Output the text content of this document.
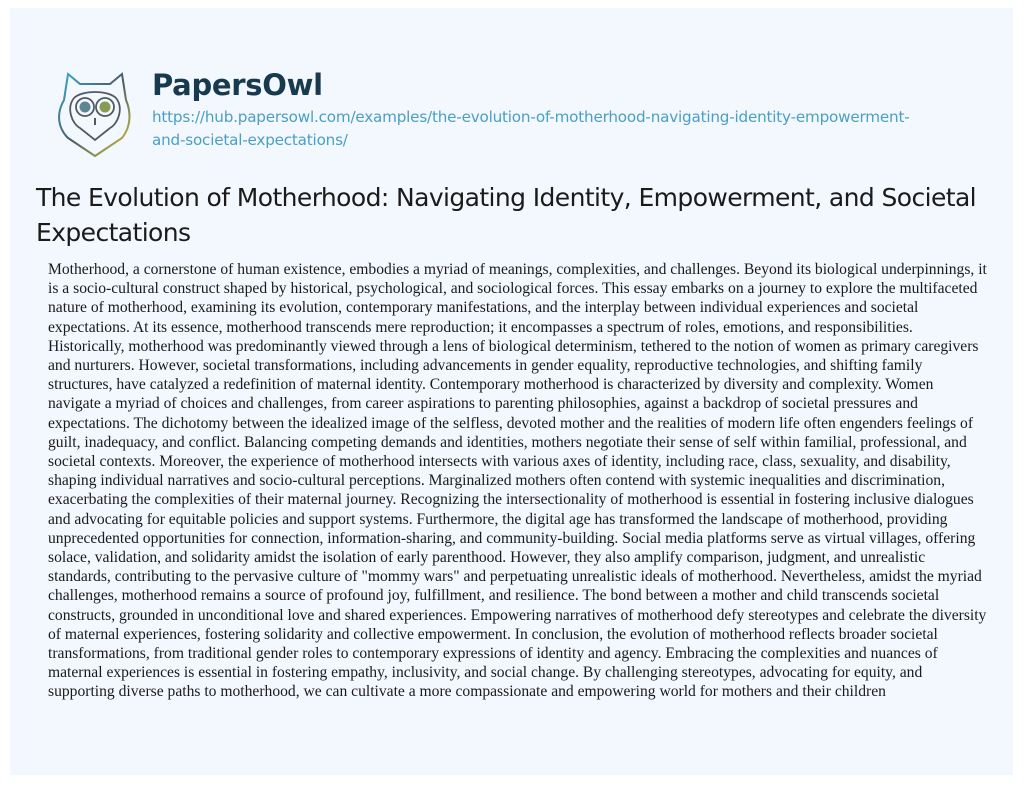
PapersOwl
https://hub.papersowl.com/examples/the-evolution-of-motherhood-navigating-identity-empowerment-and-societal-expectations/
The Evolution of Motherhood: Navigating Identity, Empowerment, and Societal Expectations

Motherhood, a cornerstone of human existence, embodies a myriad of meanings, complexities, and challenges. Beyond its biological underpinnings, it is a socio-cultural construct shaped by historical, psychological, and sociological forces. This essay embarks on a journey to explore the multifaceted nature of motherhood, examining its evolution, contemporary manifestations, and the interplay between individual experiences and societal expectations. At its essence, motherhood transcends mere reproduction; it encompasses a spectrum of roles, emotions, and responsibilities. Historically, motherhood was predominantly viewed through a lens of biological determinism, tethered to the notion of women as primary caregivers and nurturers. However, societal transformations, including advancements in gender equality, reproductive technologies, and shifting family structures, have catalyzed a redefinition of maternal identity. Contemporary motherhood is characterized by diversity and complexity. Women navigate a myriad of choices and challenges, from career aspirations to parenting philosophies, against a backdrop of societal pressures and expectations. The dichotomy between the idealized image of the selfless, devoted mother and the realities of modern life often engenders feelings of guilt, inadequacy, and conflict. Balancing competing demands and identities, mothers negotiate their sense of self within familial, professional, and societal contexts. Moreover, the experience of motherhood intersects with various axes of identity, including race, class, sexuality, and disability, shaping individual narratives and socio-cultural perceptions. Marginalized mothers often contend with systemic inequalities and discrimination, exacerbating the complexities of their maternal journey. Recognizing the intersectionality of motherhood is essential in fostering inclusive dialogues and advocating for equitable policies and support systems. Furthermore, the digital age has transformed the landscape of motherhood, providing unprecedented opportunities for connection, information-sharing, and community-building. Social media platforms serve as virtual villages, offering solace, validation, and solidarity amidst the isolation of early parenthood. However, they also amplify comparison, judgment, and unrealistic standards, contributing to the pervasive culture of "mommy wars" and perpetuating unrealistic ideals of motherhood. Nevertheless, amidst the myriad challenges, motherhood remains a source of profound joy, fulfillment, and resilience. The bond between a mother and child transcends societal constructs, grounded in unconditional love and shared experiences. Empowering narratives of motherhood defy stereotypes and celebrate the diversity of maternal experiences, fostering solidarity and collective empowerment. In conclusion, the evolution of motherhood reflects broader societal transformations, from traditional gender roles to contemporary expressions of identity and agency. Embracing the complexities and nuances of maternal experiences is essential in fostering empathy, inclusivity, and social change. By challenging stereotypes, advocating for equity, and supporting diverse paths to motherhood, we can cultivate a more compassionate and empowering world for mothers and their children
